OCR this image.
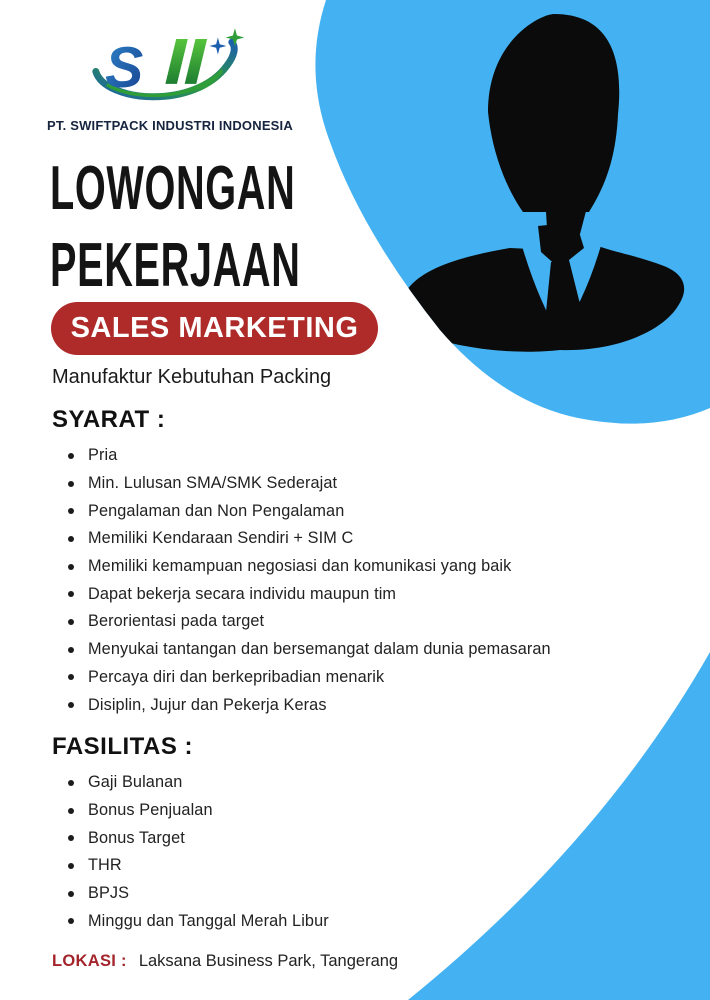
S
PT. SWIFTPACK INDUSTRI INDONESIA
LOWONGAN
PEKERJAAN
SALES MARKETING
Manufaktur Kebutuhan Packing
SYARAT :
Pria
Min. Lulusan SMA/SMK Sederajat
Pengalaman dan Non Pengalaman
Memiliki Kendaraan Sendiri + SIM C
Memiliki kemampuan negosiasi dan komunikasi yang baik
Dapat bekerja secara individu maupun tim
Berorientasi pada target
Menyukai tantangan dan bersemangat dalam dunia pemasaran
Percaya diri dan berkepribadian menarik
Disiplin, Jujur dan Pekerja Keras
FASILITAS :
Gaji Bulanan
Bonus Penjualan
Bonus Target
THR
BPJS
Minggu dan Tanggal Merah Libur
LOKASI : Laksana Business Park, Tangerang
